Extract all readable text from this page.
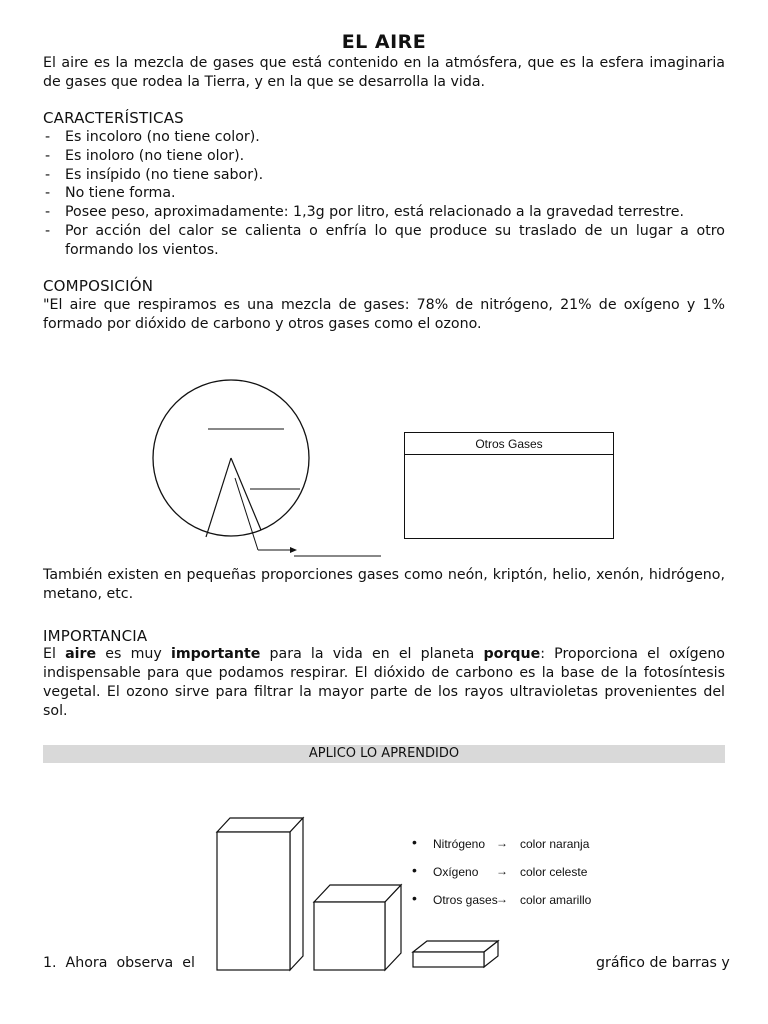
EL AIRE

El aire es la mezcla de gases que está contenido en la atmósfera, que es la esfera imaginaria de gases que rodea la Tierra, y en la que se desarrolla la vida.

CARACTERÍSTICAS

- Es incoloro (no tiene color).
- Es inoloro (no tiene olor).
- Es insípido (no tiene sabor).
- No tiene forma.
- Posee peso, aproximadamente: 1,3g por litro, está relacionado a la gravedad terrestre.
- Por acción del calor se calienta o enfría lo que produce su traslado de un lugar a otro formando los vientos.

COMPOSICIÓN

"El aire que respiramos es una mezcla de gases: 78% de nitrógeno, 21% de oxígeno y 1% formado por dióxido de carbono y otros gases como el ozono.

Otros Gases

También existen en pequeñas proporciones gases como neón, kriptón, helio, xenón, hidrógeno, metano, etc.

IMPORTANCIA

El aire es muy importante para la vida en el planeta porque: Proporciona el oxígeno indispensable para que podamos respirar. El dióxido de carbono es la base de la fotosíntesis vegetal. El ozono sirve para filtrar la mayor parte de los rayos ultravioletas provenientes del sol.

APLICO LO APRENDIDO
• Nitrógeno → color naranja
• Oxígeno → color celeste
• Otros gases
→ color amarillo
1.  Ahora  observa  el	gráfico de barras y
